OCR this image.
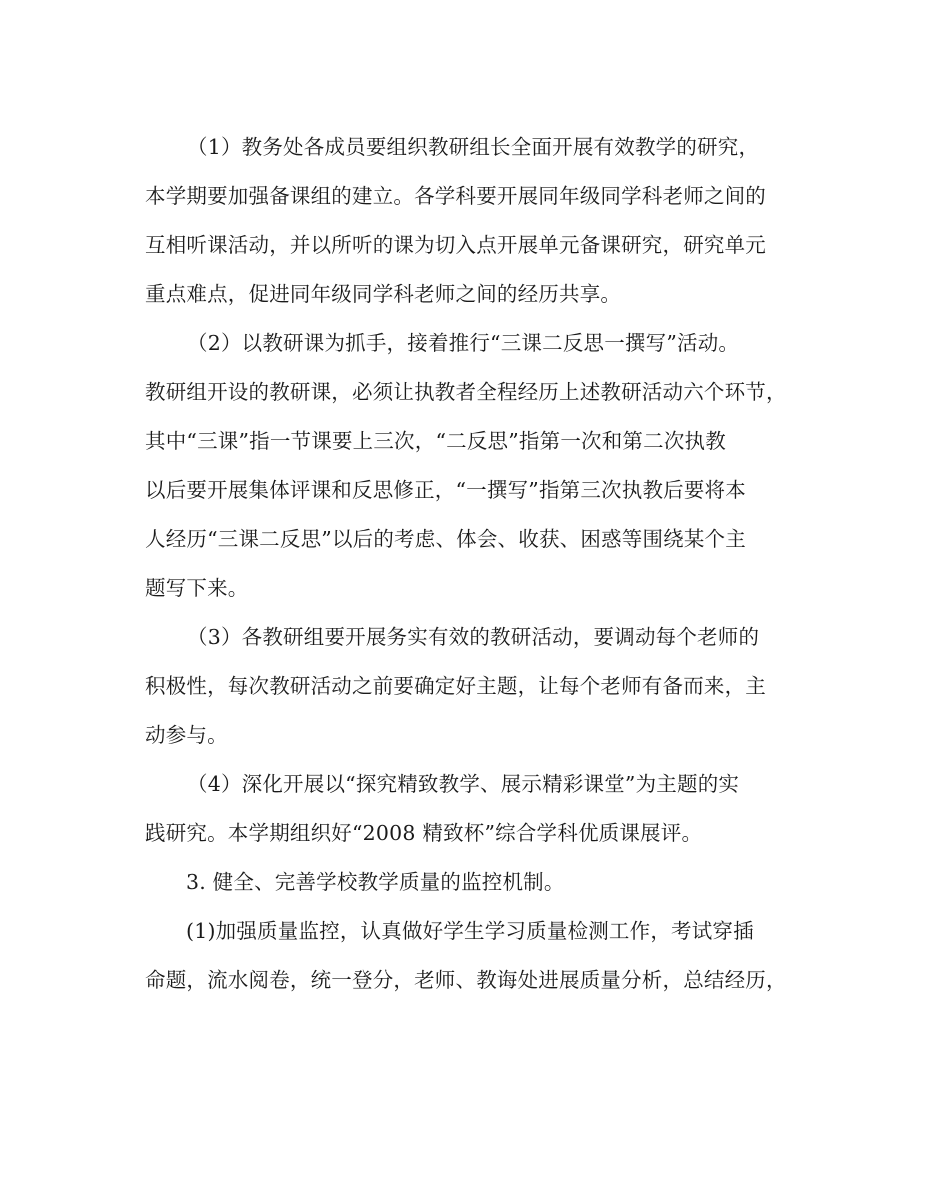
（1）教务处各成员要组织教研组长全面开展有效教学的研究，
本学期要加强备课组的建立。各学科要开展同年级同学科老师之间的
互相听课活动，并以所听的课为切入点开展单元备课研究，研究单元
重点难点，促进同年级同学科老师之间的经历共享。
（2）以教研课为抓手，接着推行“三课二反思一撰写”活动。
教研组开设的教研课，必须让执教者全程经历上述教研活动六个环节，
其中“三课”指一节课要上三次，“二反思”指第一次和第二次执教
以后要开展集体评课和反思修正，“一撰写”指第三次执教后要将本
人经历“三课二反思”以后的考虑、体会、收获、困惑等围绕某个主
题写下来。
（3）各教研组要开展务实有效的教研活动，要调动每个老师的
积极性，每次教研活动之前要确定好主题，让每个老师有备而来，主
动参与。
（4）深化开展以“探究精致教学、展示精彩课堂”为主题的实
践研究。本学期组织好“2008 精致杯”综合学科优质课展评。
3. 健全、完善学校教学质量的监控机制。
(1)加强质量监控，认真做好学生学习质量检测工作，考试穿插
命题，流水阅卷，统一登分，老师、教诲处进展质量分析，总结经历，
